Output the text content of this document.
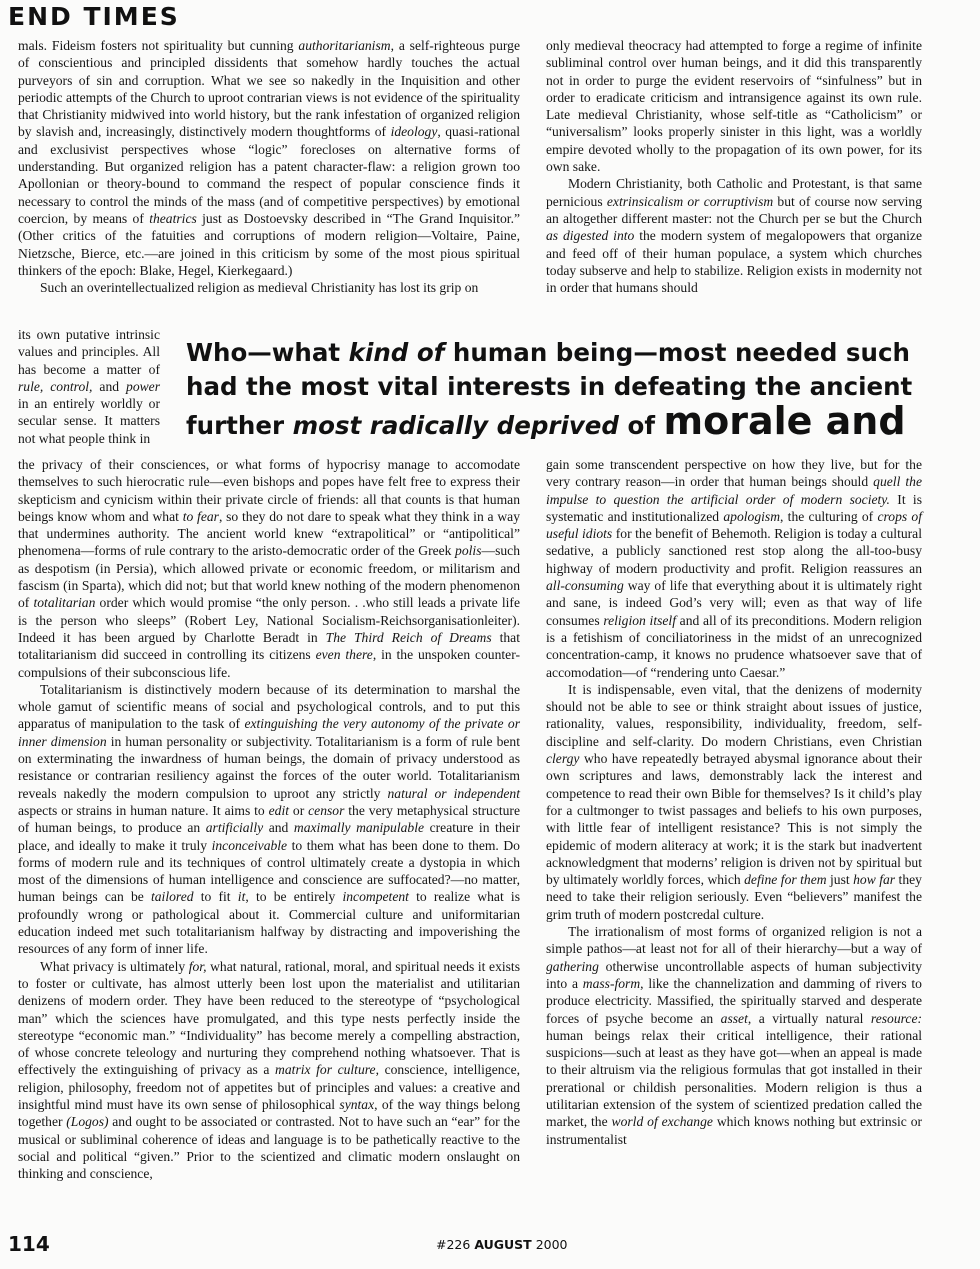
END TIMES

mals. Fideism fosters not spirituality but cunning authoritarianism, a self-righteous purge of conscientious and principled dissidents that somehow hardly touches the actual purveyors of sin and corruption. What we see so nakedly in the Inquisition and other periodic attempts of the Church to uproot contrarian views is not evidence of the spirituality that Christianity midwived into world history, but the rank infestation of organized religion by slavish and, increasingly, distinctively modern thoughtforms of ideology, quasi-rational and exclusivist perspectives whose “logic” forecloses on alternative forms of understanding. But organized religion has a patent character-flaw: a religion grown too Apollonian or theory-bound to command the respect of popular conscience finds it necessary to control the minds of the mass (and of competitive perspectives) by emotional coercion, by means of theatrics just as Dostoevsky described in “The Grand Inquisitor.” (Other critics of the fatuities and corruptions of modern religion—Voltaire, Paine, Nietzsche, Bierce, etc.—are joined in this criticism by some of the most pious spiritual thinkers of the epoch: Blake, Hegel, Kierkegaard.)

Such an overintellectualized religion as medieval Christianity has lost its grip on

its own putative intrinsic values and principles. All has become a matter of rule, control, and power in an entirely worldly or secular sense. It matters not what people think in

only medieval theocracy had attempted to forge a regime of infinite subliminal control over human beings, and it did this transparently not in order to purge the evident reservoirs of “sinfulness” but in order to eradicate criticism and intransigence against its own rule. Late medieval Christianity, whose self-title as “Catholicism” or “universalism” looks properly sinister in this light, was a worldly empire devoted wholly to the propagation of its own power, for its own sake.

Modern Christianity, both Catholic and Protestant, is that same pernicious extrinsicalism or corruptivism but of course now serving an altogether different master: not the Church per se but the Church as digested into the modern system of megalopowers that organize and feed off of their human populace, a system which churches today subserve and help to stabilize. Religion exists in modernity not in order that humans should

Who—what kind of human being—most needed such
had the most vital interests in defeating the ancient
further most radically deprived of morale and

the privacy of their consciences, or what forms of hypocrisy manage to accomodate themselves to such hierocratic rule—even bishops and popes have felt free to express their skepticism and cynicism within their private circle of friends: all that counts is that human beings know whom and what to fear, so they do not dare to speak what they think in a way that undermines authority. The ancient world knew “extrapolitical” or “antipolitical” phenomena—forms of rule contrary to the aristo-democratic order of the Greek polis—such as despotism (in Persia), which allowed private or economic freedom, or militarism and fascism (in Sparta), which did not; but that world knew nothing of the modern phenomenon of totalitarian order which would promise “the only person. . .who still leads a private life is the person who sleeps” (Robert Ley, National Socialism-Reichsorganisationleiter). Indeed it has been argued by Charlotte Beradt in The Third Reich of Dreams that totalitarianism did succeed in controlling its citizens even there, in the unspoken counter-compulsions of their subconscious life.

Totalitarianism is distinctively modern because of its determination to marshal the whole gamut of scientific means of social and psychological controls, and to put this apparatus of manipulation to the task of extinguishing the very autonomy of the private or inner dimension in human personality or subjectivity. Totalitarianism is a form of rule bent on exterminating the inwardness of human beings, the domain of privacy understood as resistance or contrarian resiliency against the forces of the outer world. Totalitarianism reveals nakedly the modern compulsion to uproot any strictly natural or independent aspects or strains in human nature. It aims to edit or censor the very metaphysical structure of human beings, to produce an artificially and maximally manipulable creature in their place, and ideally to make it truly inconceivable to them what has been done to them. Do forms of modern rule and its techniques of control ultimately create a dystopia in which most of the dimensions of human intelligence and conscience are suffocated?—no matter, human beings can be tailored to fit it, to be entirely incompetent to realize what is profoundly wrong or pathological about it. Commercial culture and uniformitarian education indeed met such totalitarianism halfway by distracting and impoverishing the resources of any form of inner life.

What privacy is ultimately for, what natural, rational, moral, and spiritual needs it exists to foster or cultivate, has almost utterly been lost upon the materialist and utilitarian denizens of modern order. They have been reduced to the stereotype of “psychological man” which the sciences have promulgated, and this type nests perfectly inside the stereotype “economic man.” “Individuality” has become merely a compelling abstraction, of whose concrete teleology and nurturing they comprehend nothing whatsoever. That is effectively the extinguishing of privacy as a matrix for culture, conscience, intelligence, religion, philosophy, freedom not of appetites but of principles and values: a creative and insightful mind must have its own sense of philosophical syntax, of the way things belong together (Logos) and ought to be associated or contrasted. Not to have such an “ear” for the musical or subliminal coherence of ideas and language is to be pathetically reactive to the social and political “given.” Prior to the scientized and climatic modern onslaught on thinking and conscience,

gain some transcendent perspective on how they live, but for the very contrary reason—in order that human beings should quell the impulse to question the artificial order of modern society. It is systematic and institutionalized apologism, the culturing of crops of useful idiots for the benefit of Behemoth. Religion is today a cultural sedative, a publicly sanctioned rest stop along the all-too-busy highway of modern productivity and profit. Religion reassures an all-consuming way of life that everything about it is ultimately right and sane, is indeed God’s very will; even as that way of life consumes religion itself and all of its preconditions. Modern religion is a fetishism of conciliatoriness in the midst of an unrecognized concentration-camp, it knows no prudence whatsoever save that of accomodation—of “rendering unto Caesar.”

It is indispensable, even vital, that the denizens of modernity should not be able to see or think straight about issues of justice, rationality, values, responsibility, individuality, freedom, self-discipline and self-clarity. Do modern Christians, even Christian clergy who have repeatedly betrayed abysmal ignorance about their own scriptures and laws, demonstrably lack the interest and competence to read their own Bible for themselves? Is it child’s play for a cultmonger to twist passages and beliefs to his own purposes, with little fear of intelligent resistance? This is not simply the epidemic of modern aliteracy at work; it is the stark but inadvertent acknowledgment that moderns’ religion is driven not by spiritual but by ultimately worldly forces, which define for them just how far they need to take their religion seriously. Even “believers” manifest the grim truth of modern postcredal culture.

The irrationalism of most forms of organized religion is not a simple pathos—at least not for all of their hierarchy—but a way of gathering otherwise uncontrollable aspects of human subjectivity into a mass-form, like the channelization and damming of rivers to produce electricity. Massified, the spiritually starved and desperate forces of psyche become an asset, a virtually natural resource: human beings relax their critical intelligence, their rational suspicions—such at least as they have got—when an appeal is made to their altruism via the religious formulas that got installed in their prerational or childish personalities. Modern religion is thus a utilitarian extension of the system of scientized predation called the market, the world of exchange which knows nothing but extrinsic or instrumentalist

114	#226 AUGUST 2000
